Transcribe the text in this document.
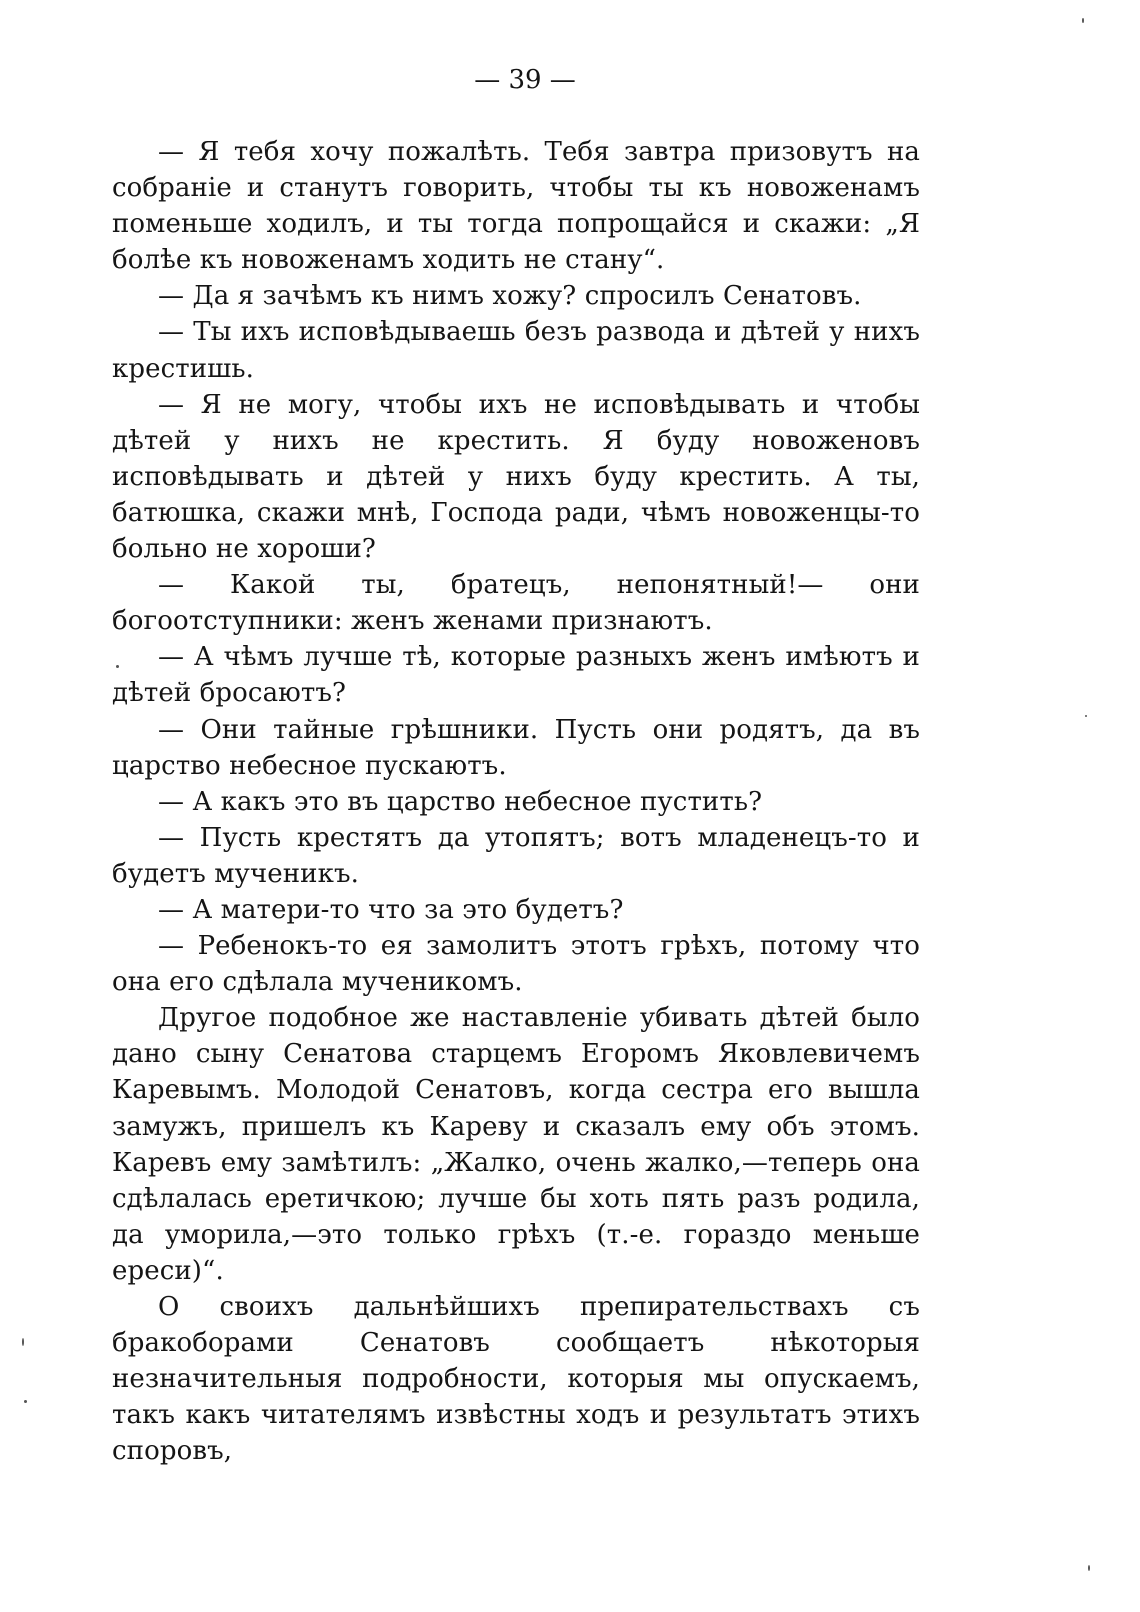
— 39 —

— Я тебя хочу пожалѣть. Тебя завтра призовутъ на собраніе и станутъ говорить, чтобы ты къ новоженамъ поменьше ходилъ, и ты тогда попрощайся и скажи: „Я болѣе къ новоженамъ ходить не стану“.

— Да я зачѣмъ къ нимъ хожу? спросилъ Сенатовъ.

— Ты ихъ исповѣдываешь безъ развода и дѣтей у нихъ крестишь.

— Я не могу, чтобы ихъ не исповѣдывать и чтобы дѣтей у нихъ не крестить. Я буду новоженовъ исповѣдывать и дѣтей у нихъ буду крестить. А ты, батюшка, скажи мнѣ, Господа ради, чѣмъ новоженцы-то больно не хороши?

— Какой ты, братецъ, непонятный!— они богоотступники: женъ женами признаютъ.

— А чѣмъ лучше тѣ, которые разныхъ женъ имѣютъ и дѣтей бросаютъ?

— Они тайные грѣшники. Пусть они родятъ, да въ царство небесное пускаютъ.

— А какъ это въ царство небесное пустить?

— Пусть крестятъ да утопятъ; вотъ младенецъ-то и будетъ мученикъ.

— А матери-то что за это будетъ?

— Ребенокъ-то ея замолитъ этотъ грѣхъ, потому что она его сдѣлала мученикомъ.

Другое подобное же наставленіе убивать дѣтей было дано сыну Сенатова старцемъ Егоромъ Яковлевичемъ Каревымъ. Молодой Сенатовъ, когда сестра его вышла замужъ, пришелъ къ Кареву и сказалъ ему объ этомъ. Каревъ ему замѣтилъ: „Жалко, очень жалко,—теперь она сдѣлалась еретичкою; лучше бы хоть пять разъ родила, да уморила,—это только грѣхъ (т.-е. гораздо меньше ереси)“.

О своихъ дальнѣйшихъ препирательствахъ съ бракоборами Сенатовъ сообщаетъ нѣкоторыя незначительныя подробности, которыя мы опускаемъ, такъ какъ читателямъ извѣстны ходъ и результатъ этихъ споровъ,
